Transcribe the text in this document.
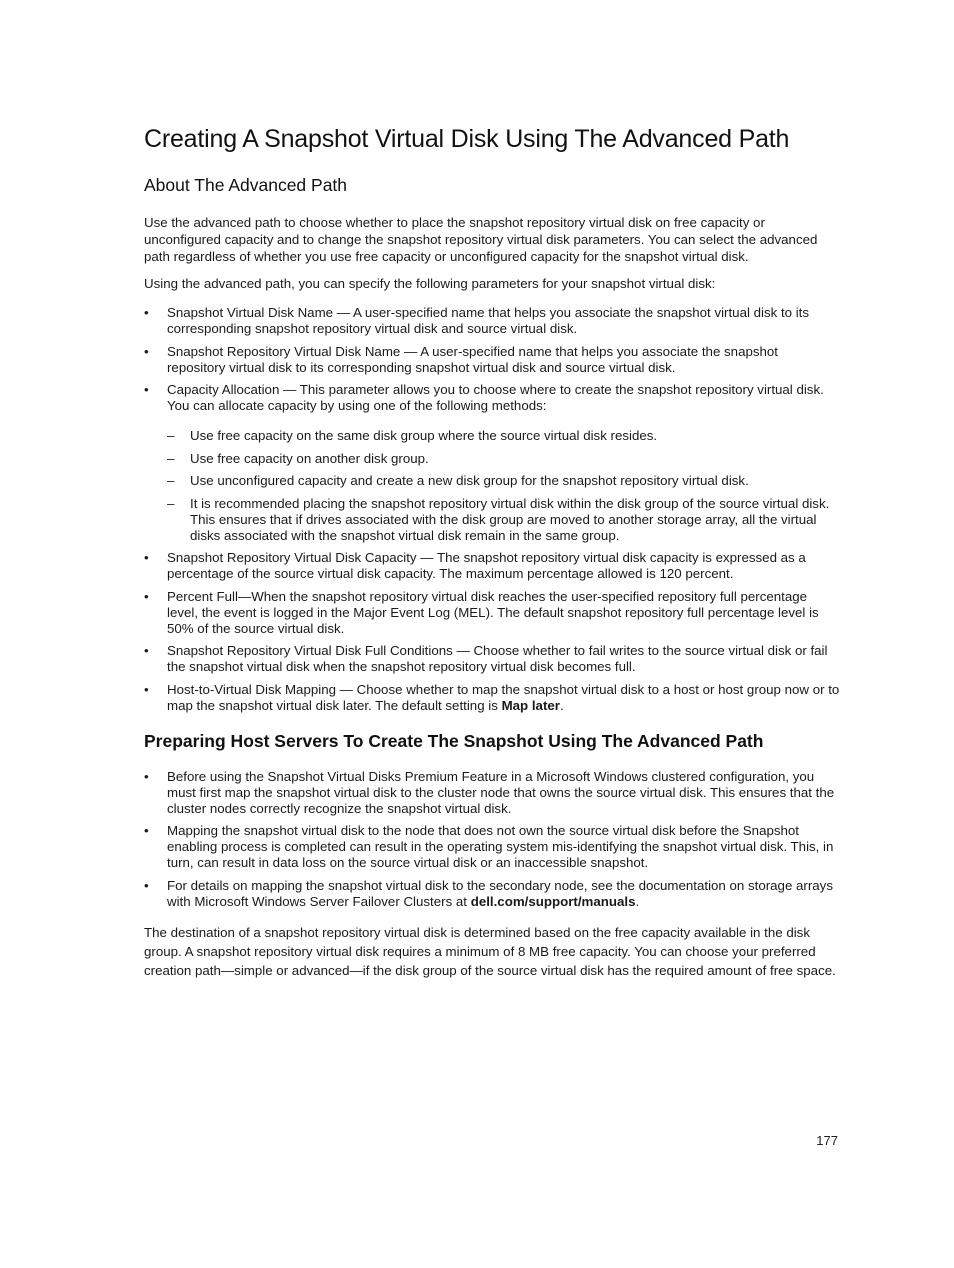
Creating A Snapshot Virtual Disk Using The Advanced Path
About The Advanced Path

Use the advanced path to choose whether to place the snapshot repository virtual disk on free capacity or unconfigured capacity and to change the snapshot repository virtual disk parameters. You can select the advanced path regardless of whether you use free capacity or unconfigured capacity for the snapshot virtual disk.

Using the advanced path, you can specify the following parameters for your snapshot virtual disk:

• Snapshot Virtual Disk Name — A user-specified name that helps you associate the snapshot virtual disk to its corresponding snapshot repository virtual disk and source virtual disk.
• Snapshot Repository Virtual Disk Name — A user-specified name that helps you associate the snapshot repository virtual disk to its corresponding snapshot virtual disk and source virtual disk.
• Capacity Allocation — This parameter allows you to choose where to create the snapshot repository virtual disk. You can allocate capacity by using one of the following methods:
– Use free capacity on the same disk group where the source virtual disk resides.
– Use free capacity on another disk group.
– Use unconfigured capacity and create a new disk group for the snapshot repository virtual disk.
– It is recommended placing the snapshot repository virtual disk within the disk group of the source virtual disk. This ensures that if drives associated with the disk group are moved to another storage array, all the virtual disks associated with the snapshot virtual disk remain in the same group.
• Snapshot Repository Virtual Disk Capacity — The snapshot repository virtual disk capacity is expressed as a percentage of the source virtual disk capacity. The maximum percentage allowed is 120 percent.
• Percent Full—When the snapshot repository virtual disk reaches the user-specified repository full percentage level, the event is logged in the Major Event Log (MEL). The default snapshot repository full percentage level is 50% of the source virtual disk.
• Snapshot Repository Virtual Disk Full Conditions — Choose whether to fail writes to the source virtual disk or fail the snapshot virtual disk when the snapshot repository virtual disk becomes full.
• Host-to-Virtual Disk Mapping — Choose whether to map the snapshot virtual disk to a host or host group now or to map the snapshot virtual disk later. The default setting is Map later.
Preparing Host Servers To Create The Snapshot Using The Advanced Path
• Before using the Snapshot Virtual Disks Premium Feature in a Microsoft Windows clustered configuration, you must first map the snapshot virtual disk to the cluster node that owns the source virtual disk. This ensures that the cluster nodes correctly recognize the snapshot virtual disk.
• Mapping the snapshot virtual disk to the node that does not own the source virtual disk before the Snapshot enabling process is completed can result in the operating system mis-identifying the snapshot virtual disk. This, in turn, can result in data loss on the source virtual disk or an inaccessible snapshot.
• For details on mapping the snapshot virtual disk to the secondary node, see the documentation on storage arrays with Microsoft Windows Server Failover Clusters at dell.com/support/manuals.

The destination of a snapshot repository virtual disk is determined based on the free capacity available in the disk group. A snapshot repository virtual disk requires a minimum of 8 MB free capacity. You can choose your preferred creation path—simple or advanced—if the disk group of the source virtual disk has the required amount of free space.

177
